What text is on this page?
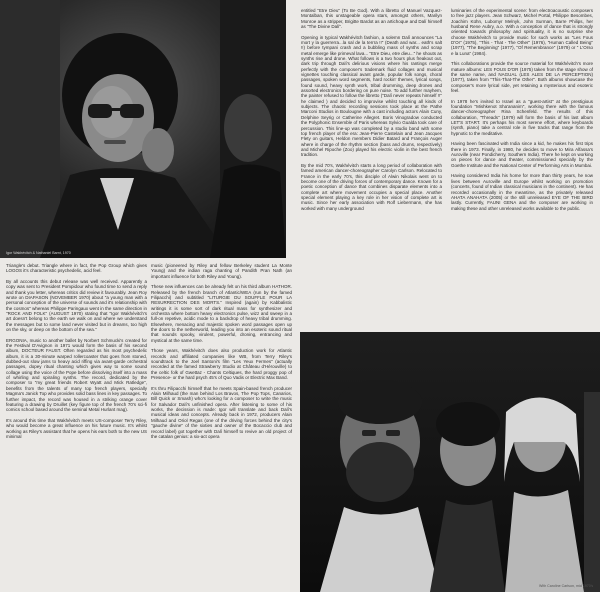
Igor Wakhévitch & Nathaniel Barnt, 1970
With Caroline Carlson, mid 1970's

Triangle's debut. Triangle where in fact, the Pop Group which gives LOGOS it's characteristic psychedelic, acid feel.

By all accounts this debut release was well received. Apparently a copy was sent to President Pompidour who found time to send a reply and thank you letter, whereas critics did review it favourably. Jean Roy wrote on DIAPASON (NOVEMBER 1970) about "a young man with a personal conception of the universe of sounds and it's relationship with the cosmos" whereas Philippe Paringaux went in the same direction in "ROCK AND FOLK" (AUGUST 1970) stating that "Igor Wakhévitch's art doesn't belong to the earth we walk on and where we understand the messages but to some land never visited but in dreams, too high on the sky, or deep on the bottom of the sea."

ERGONIA, music to another ballet by Norbert Schmucki's created for the Festival D'Avignon in 1971 would form the basis of his second album, DOCTEUR FAUST. Often regarded as his most psychedelic album, it is a 30-minute warped rollercoaster that goes from stoned, dubbed-out slow jams to heavy acid riffing via avant-garde orchestral passages, dopey ritual chanting which gives way to some sound collage using the voice of the Pope before dissolving itself into a mass of whirling and spiraling synths. The record, dedicated by the composer to "my great friends Robert Wyatt and Mick Ratledge", benefits from the talents of many top french players, specially Magma's Janick Top who provides solid bass lines in key passages. To further impact, the record was housed in a striking orange cover featuring a drawing by Druillet (key figure top of the french 70's sci-fi comics school based around the seminal Metal Hurlant mag).

It's around this time that Wakhévitch meets US-composer Terry Riley, who would become a great influence on his future music. It's whilst working as Riley's assistant that he opens his ears both to the new US minimal

music (pioneered by Riley and fellow Berkeley student La Monte Young) and the indian raga chanting of Pandith Pran Nath (an important influence for both Riley and Young).

These new influences can be already felt on his third album HATHOR. Released by the french branch of Atlantic/WEA (run by the famed Filipacchi) and subtitled "LITURGIE DU SOUFFLE POUR LA RESURRECTION DES MORTS." Inspired (again) by Kabbalistic writings it is some sort of dark ritual mass for synthesizer and orchestra where bottom heavy electronics pulse, wizz and sweep in a full-on repetive, acidic mode to a backdrop of heavy tribal drumming. Elsewhere, menacing and majestic spoken word passages open up the doors to the netherworld, leading you into an esoteric sound ritual that sounds spooky, virulent, powerful, droning, entrancing and mystical at the same time.

Those years, Wakhévitch does also production work for Atlantic records and affiliated companies like WB, from Terry Riley's soundtrack to the Joel Santoni's film "Les Yeux Fermes" (actually recorded at the famed Strawberry Studio at Château d'Hérouville) to the celtic folk of Gwettaz - Chants Celtiques, the hard proggy pop of Presence- or the hard psych 45's of Quo Vadis or Electric Max Band.

It's thru Filipacchi himself that he meets Spain-based french producer Alain Milhaud (the man behind Los Bravos, The Pop Tops, Canarios, Bill Quick or Smash) who's looking for a composer to write the music for Salvador Dalí's unfinished opera. After listening to some of his works, the decission is made: Igor will translate and back Dalí's musical ideas and concepts. Already back in 1972, producers Alain Milhaud and Oriol Regas (one of the driving forces behind the city's "gauche divine" of the sixties and owner of the Bocaccio club and record label) got together with Dalí himself to revive an old project of the catalan genius: a six-act opera

entitled "Etre Dieu" (To Be God). With a libretto of Manuel Vazquez-Montalban, this unstageable opera stars, amongst others, Marilyn Monroe as a stripper, Brigitte Bardot as an artichoque and Dalí himself as "The Divine Dalí".

Opening in typical Wakhévitch fashion, a solemn Dalí announces "La mort y la guerrerra...la sal de la terrra !!" (Death and war... eath's salt !!) before tympani crash and a bubbling mass of synths and scrap metal emerge like primeval lava... "Etre Dieu, etre dieu..." he shouts as synths rise and drone. What follows is a two hours plus freakout out, dark trip through Dalí's delirious visions where his rantings merge perfectly with the composer's trademark fluid collages and musical vignettes touching classical avant garde, popular folk songs, choral passages, spoken word segments, hard rockin' themes, lyrical songs, found sound, heavy synth work, tribal drumming, deep drones and assorted electronics bordering on pure noise. To add further mayhem, the painter refused to follow the libretto ("Dalí never repeats himself !!" he claimed ) and decided to improvise whilst touching all kinds of subjects. The chaotic recording sessions took place at the Pathe Marconi Studios in Boulougne with a cast including actors Alain Cuny, Delphine Seyrig or Catherine Allegret. Boris Vinogradow conducted the Polyphonic Ensemble of Paris whereas Sylvio Gualda took care of percussion. This line-up was completed by a studio band with some top french player of the era: Jean-Pierre Castelain and Jean Jacques Flety on guitars, Heldon members Didier Batard and François Auger where in charge of the rhythm section (bass and drums, respectively) and Michel Ripoche (Zoo) played his electric violin in the best french tradition.

By the mid 70's, Wakhévitch starts a long period of collaboration with famed american dancer-choreographer Carolyn Carlson. Relocated to France in the early 70's, this disciple of Alwin Nikolais went on to become one of the driving forces of contemporary dance. Known for a poetic conception of dance that combines disparate elements into a complete art where movement occupies a special place. Another special element playing a key role in her vision of complete art is music. Since her early association with Rolf Liebermann, she has worked with many underground

luminaries of the experimental scene: from electroacoustic composers to free jazz players. Jean Schwarz, Michel Portal, Philippe Besombes, Joachim Kühn, Lubomyr Melnyk, John Surman, Barre Philips, her husband Rene Aubry, a.o. With a conception of dance that is strongly oriented towards philosophy and spirituality, it is no surprise she choose Wakhévitch to provide music for such works as "Les Fous D'Or" (1975), "This - That - The Other" (1976), "Human Called Being" (1977), "The Beginning" (1977), "Of Remembrance" (1979) or " L'Orso e la Luna" (1984).

This collaborations provide the source material for Wakhévitch's more mature albums: LES FOUS D'OR (1975) taken from the stage show of the same name, and NAGUAL (LES ALES DE LA PERCEPTION) (1977), taken from "This-That-The Other". Both albums showcase the composer's more lyrical side, yet retaining a mysterious and esoteric feel.

In 1978 he's invited to Israel as a "guest-artist" at the prestigious foundation "Mishkenot Sha'ananim", working there with the famous dancer-choreographer Rina Schenfeld. The results of this collaboration, "Threads" (1979) will form the basis of his last album LET'S START. It's perhaps his most serene effort, where keyboards (synth, piano) take a central role in five tracks that range from the hypnotic to the meditative.

Having been fascinated with India since a kid, he makes his first trips there in 1973. Finally, in 1980, he decides to move to Mira Alfassa's Auroville (near Pondicherry, Southern India). There he kept on working on pieces for dance and theater, commissioned specially by the Goethe Institute and the National Center of Performing Arts in Mumbai.

Having considered India his home for more than thirty years, he now lives between Auroville and Europe whilst working on promotion (concerts, found of Indian classical musicians in the continent). He has recorded occasionally in the meantime, as the privately released AHATA ANAHATA (2005) or the still unreleased EYE OF THE BIRD lastly. Currently, FAUNI GENA and the composer are working in making these and other unreleased works available to the public.
